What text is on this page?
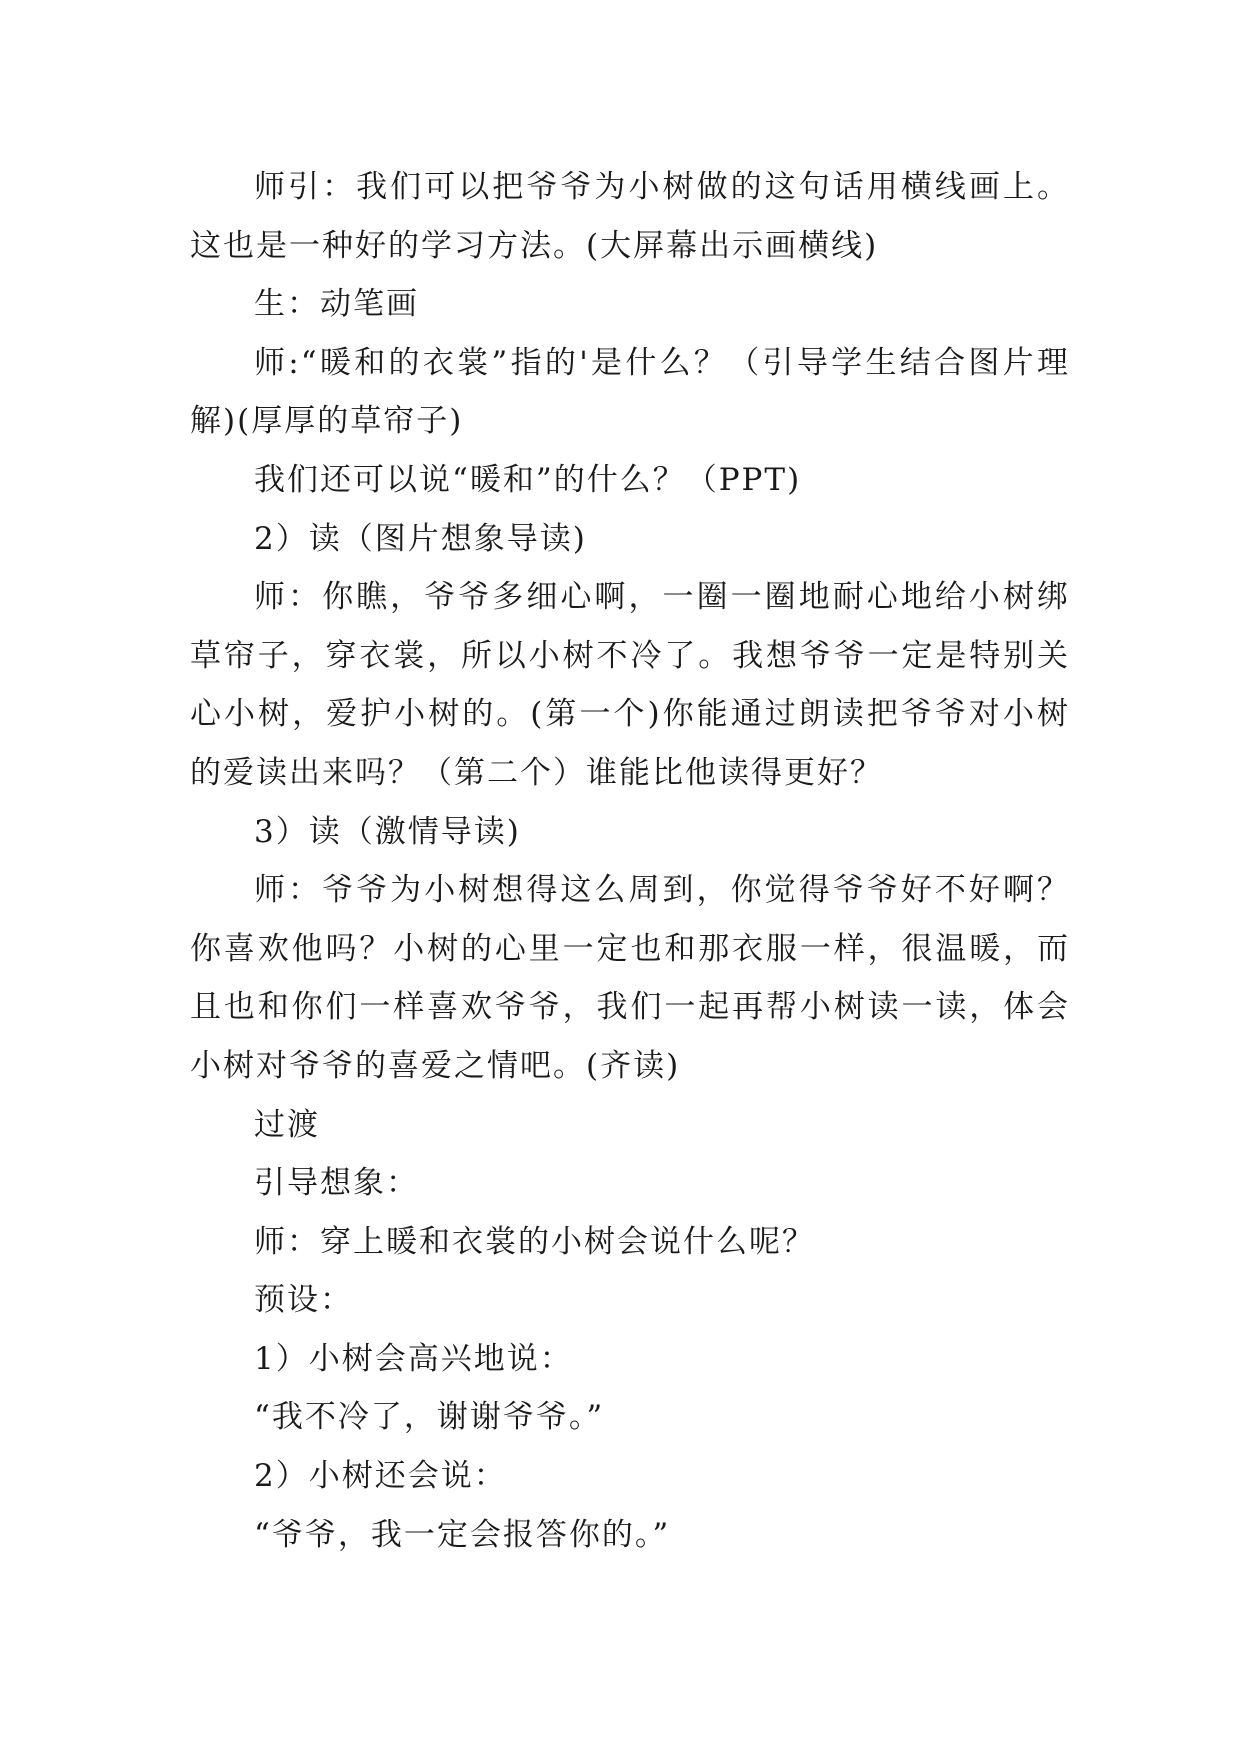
师引：我们可以把爷爷为小树做的这句话用横线画上。这也是一种好的学习方法。(大屏幕出示画横线)

生：动笔画

师:“暖和的衣裳”指的'是什么？（引导学生结合图片理解)(厚厚的草帘子)

我们还可以说“暖和”的什么？（PPT)

2）读（图片想象导读)

师：你瞧，爷爷多细心啊，一圈一圈地耐心地给小树绑草帘子，穿衣裳，所以小树不冷了。我想爷爷一定是特别关心小树，爱护小树的。(第一个)你能通过朗读把爷爷对小树的爱读出来吗？（第二个）谁能比他读得更好？

3）读（激情导读)

师：爷爷为小树想得这么周到，你觉得爷爷好不好啊？你喜欢他吗？小树的心里一定也和那衣服一样，很温暖，而且也和你们一样喜欢爷爷，我们一起再帮小树读一读，体会小树对爷爷的喜爱之情吧。(齐读)

过渡

引导想象：

师：穿上暖和衣裳的小树会说什么呢？

预设：

1）小树会高兴地说：

“我不冷了，谢谢爷爷。”

2）小树还会说：

“爷爷，我一定会报答你的。”
